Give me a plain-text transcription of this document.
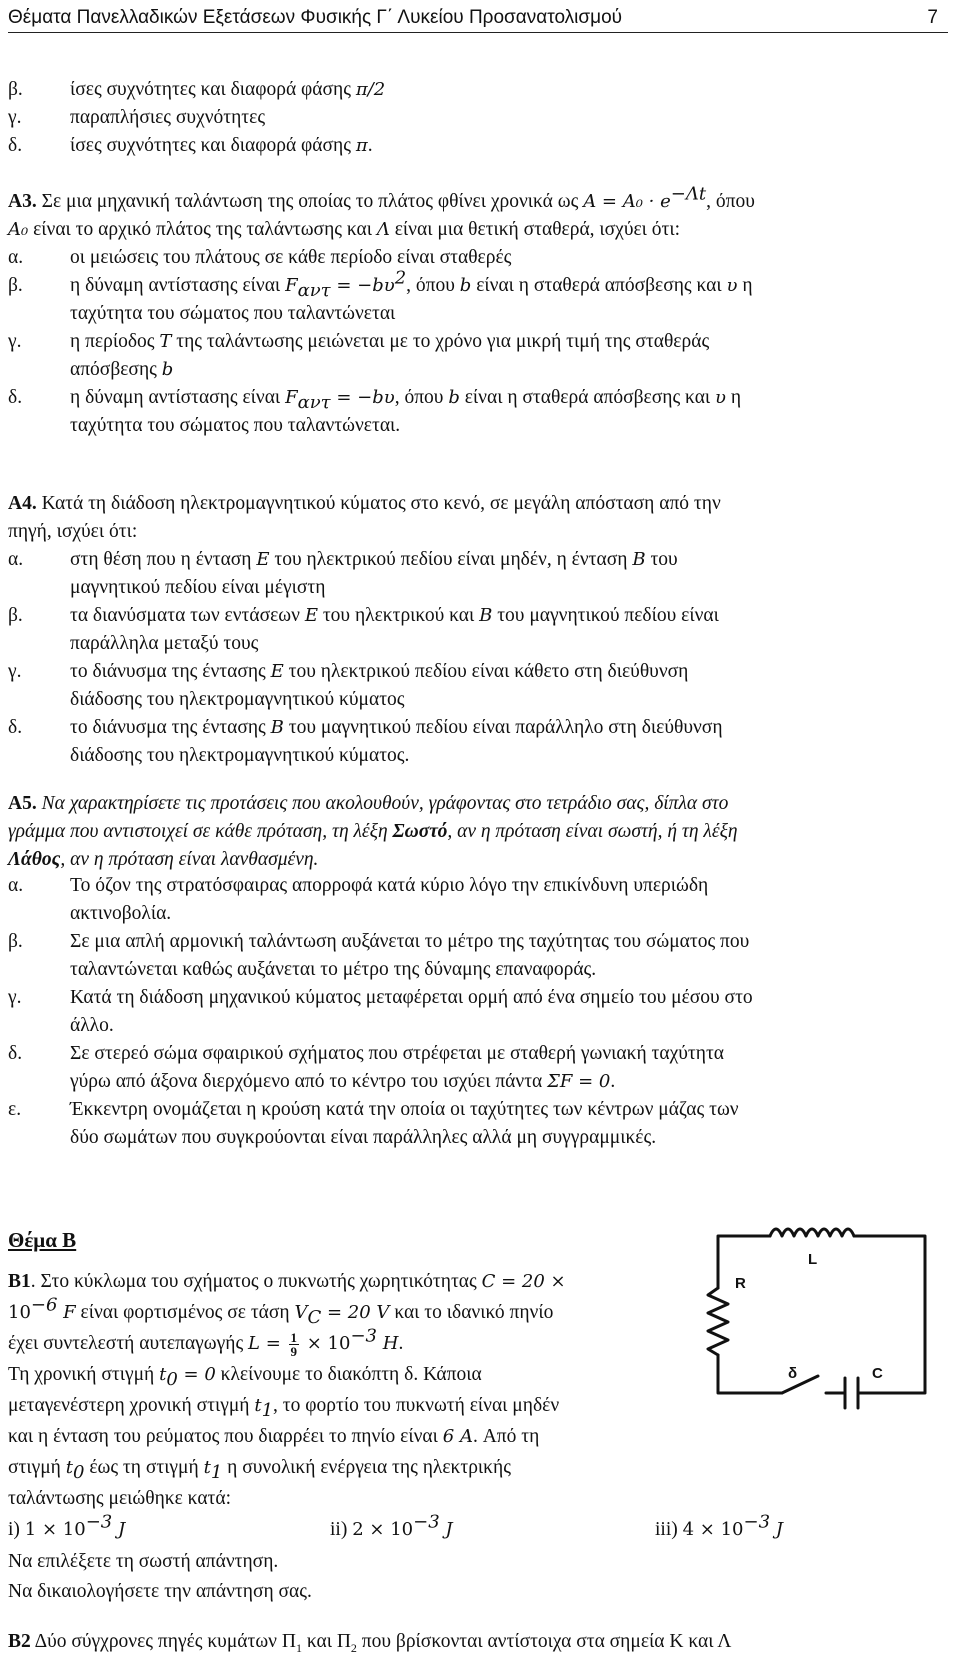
Θέματα Πανελλαδικών Εξετάσεων Φυσικής Γ΄ Λυκείου Προσανατολισμού	7
β. ίσες συχνότητες και διαφορά φάσης π/2
γ. παραπλήσιες συχνότητες
δ. ίσες συχνότητες και διαφορά φάσης π.
Α3. Σε μια μηχανική ταλάντωση της οποίας το πλάτος φθίνει χρονικά ως $A = A_0 \cdot e^{-\Lambda t}$, όπου
A₀ είναι το αρχικό πλάτος της ταλάντωσης και Λ είναι μια θετική σταθερά, ισχύει ότι:
α. οι μειώσεις του πλάτους σε κάθε περίοδο είναι σταθερές
β. η δύναμη αντίστασης είναι $F_{\alpha\nu\tau} = -b\upsilon^2$, όπου b είναι η σταθερά απόσβεσης και υ η
ταχύτητα του σώματος που ταλαντώνεται
γ. η περίοδος T της ταλάντωσης μειώνεται με το χρόνο για μικρή τιμή της σταθεράς
απόσβεσης b
δ. η δύναμη αντίστασης είναι $F_{\alpha\nu\tau} = -b\upsilon$, όπου b είναι η σταθερά απόσβεσης και υ η
ταχύτητα του σώματος που ταλαντώνεται.
Α4. Κατά τη διάδοση ηλεκτρομαγνητικού κύματος στο κενό, σε μεγάλη απόσταση από την
πηγή, ισχύει ότι:
α. στη θέση που η ένταση E του ηλεκτρικού πεδίου είναι μηδέν, η ένταση B του
μαγνητικού πεδίου είναι μέγιστη
β. τα διανύσματα των εντάσεων E του ηλεκτρικού και B του μαγνητικού πεδίου είναι
παράλληλα μεταξύ τους
γ. το διάνυσμα της έντασης E του ηλεκτρικού πεδίου είναι κάθετο στη διεύθυνση
διάδοσης του ηλεκτρομαγνητικού κύματος
δ. το διάνυσμα της έντασης B του μαγνητικού πεδίου είναι παράλληλο στη διεύθυνση
διάδοσης του ηλεκτρομαγνητικού κύματος.
Α5. Να χαρακτηρίσετε τις προτάσεις που ακολουθούν, γράφοντας στο τετράδιο σας, δίπλα στο
γράμμα που αντιστοιχεί σε κάθε πρόταση, τη λέξη Σωστό, αν η πρόταση είναι σωστή, ή τη λέξη
Λάθος, αν η πρόταση είναι λανθασμένη.
α. Το όζον της στρατόσφαιρας απορροφά κατά κύριο λόγο την επικίνδυνη υπεριώδη
ακτινοβολία.
β. Σε μια απλή αρμονική ταλάντωση αυξάνεται το μέτρο της ταχύτητας του σώματος που
ταλαντώνεται καθώς αυξάνεται το μέτρο της δύναμης επαναφοράς.
γ. Κατά τη διάδοση μηχανικού κύματος μεταφέρεται ορμή από ένα σημείο του μέσου στο
άλλο.
δ. Σε στερεό σώμα σφαιρικού σχήματος που στρέφεται με σταθερή γωνιακή ταχύτητα
γύρω από άξονα διερχόμενο από το κέντρο του ισχύει πάντα ΣF = 0.
ε.	Έκκεντρη ονομάζεται η κρούση κατά την οποία οι ταχύτητες των κέντρων μάζας των
δύο σωμάτων που συγκρούονται είναι παράλληλες αλλά μη συγγραμμικές.
Θέμα Β
Β1. Στο κύκλωμα του σχήματος ο πυκνωτής χωρητικότητας C = 20 ×
$10^{-6}$ F είναι φορτισμένος σε τάση $V_C = 20$ V και το ιδανικό πηνίο
έχει συντελεστή αυτεπαγωγής $L = \frac{1}{9} \times 10^{-3}$ H.
Τη χρονική στιγμή $t_0 = 0$ κλείνουμε το διακόπτη δ. Κάποια
μεταγενέστερη χρονική στιγμή $t_1$, το φορτίο του πυκνωτή είναι μηδέν
και η ένταση του ρεύματος που διαρρέει το πηνίο είναι 6 A. Από τη
στιγμή $t_0$ έως τη στιγμή $t_1$ η συνολική ενέργεια της ηλεκτρικής
ταλάντωσης μειώθηκε κατά:
i) $1 \times 10^{-3}$ J	ii) $2 \times 10^{-3}$ J	iii) $4 \times 10^{-3}$ J
Να επιλέξετε τη σωστή απάντηση.
Να δικαιολογήσετε την απάντηση σας.
L
R
δ	C
Β2 Δύο σύγχρονες πηγές κυμάτων $\Pi_1$ και $\Pi_2$ που βρίσκονται αντίστοιχα στα σημεία Κ και Λ
